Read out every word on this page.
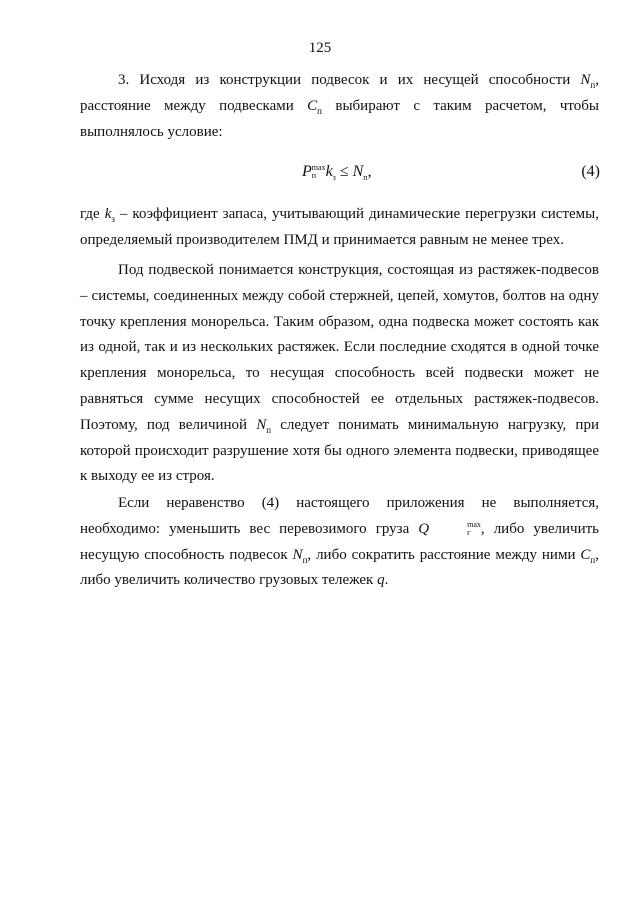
125
3. Исходя из конструкции подвесок и их несущей способности $N_п$, расстояние между подвесками $C_п$ выбирают с таким расчетом, чтобы выполнялось условие:
P max
п $k_з \le N_п$,	(4)
где $k_з$ – коэффициент запаса, учитывающий динамические перегрузки системы, определяемый производителем ПМД и принимается равным не менее трех.
Под подвеской понимается конструкция, состоящая из растяжек-подвесов – системы, соединенных между собой стержней, цепей, хомутов, болтов на одну точку крепления монорельса. Таким образом, одна подвеска может состоять как из одной, так и из нескольких растяжек. Если последние сходятся в одной точке крепления монорельса, то несущая способность всей подвески может не равняться сумме несущих способностей ее отдельных растяжек-подвесов. Поэтому, под величиной $N_п$ следует понимать минимальную нагрузку, при которой происходит разрушение хотя бы одного элемента подвески, приводящее к выходу ее из строя.
Если неравенство (4) настоящего приложения не выполняется, необходимо: уменьшить вес перевозимого груза Q	max
г , либо увеличить несущую способность подвесок $N_п$, либо сократить расстояние между ними $C_п$, либо увеличить количество грузовых тележек q.
